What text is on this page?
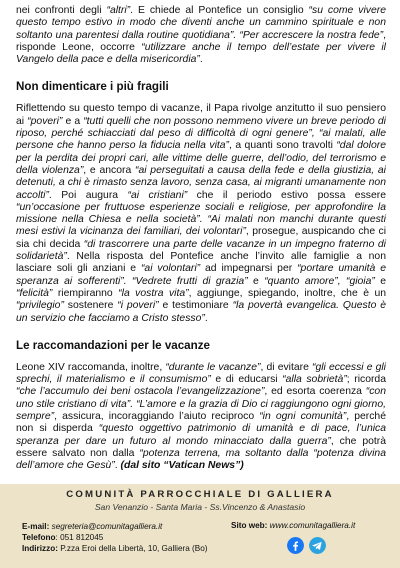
nei confronti degli “altri”. E chiede al Pontefice un consiglio “su come vivere questo tempo estivo in modo che diventi anche un cammino spirituale e non soltanto una parentesi dalla routine quotidiana”. “Per accrescere la nostra fede”, risponde Leone, occorre “utilizzare anche il tempo dell’estate per vivere il Vangelo della pace e della misericordia”.

Non dimenticare i più fragili

Riflettendo su questo tempo di vacanze, il Papa rivolge anzitutto il suo pensiero ai “poveri” e a “tutti quelli che non possono nemmeno vivere un breve periodo di riposo, perché schiacciati dal peso di difficoltà di ogni genere”, “ai malati, alle persone che hanno perso la fiducia nella vita”, a quanti sono travolti “dal dolore per la perdita dei propri cari, alle vittime delle guerre, dell’odio, del terrorismo e della violenza”, e ancora “ai perseguitati a causa della fede e della giustizia, ai detenuti, a chi è rimasto senza lavoro, senza casa, ai migranti umanamente non accolti”. Poi augura “ai cristiani” che il periodo estivo possa essere “un’occasione per fruttuose esperienze sociali e religiose, per approfondire la missione nella Chiesa e nella società”. “Ai malati non manchi durante questi mesi estivi la vicinanza dei familiari, dei volontari”, prosegue, auspicando che ci sia chi decida “di trascorrere una parte delle vacanze in un impegno fraterno di solidarietà”. Nella risposta del Pontefice anche l’invito alle famiglie a non lasciare soli gli anziani e “ai volontari” ad impegnarsi per “portare umanità e speranza ai sofferenti”. “Vedrete frutti di grazia” e “quanto amore”, “gioia” e “felicità” riempiranno “la vostra vita”, aggiunge, spiegando, inoltre, che è un “privilegio” sostenere “i poveri” e testimoniare “la povertà evangelica. Questo è un servizio che facciamo a Cristo stesso”.

Le raccomandazioni per le vacanze

Leone XIV raccomanda, inoltre, “durante le vacanze”, di evitare “gli eccessi e gli sprechi, il materialismo e il consumismo” e di educarsi “alla sobrietà”; ricorda “che l’accumulo dei beni ostacola l’evangelizzazione”, ed esorta coerenza “con uno stile cristiano di vita”. “L’amore e la grazia di Dio ci raggiungono ogni giorno, sempre”, assicura, incoraggiando l’aiuto reciproco “in ogni comunità”, perché non si disperda “questo oggettivo patrimonio di umanità e di pace, l’unica speranza per dare un futuro al mondo minacciato dalla guerra”, che potrà essere salvato non dalla “potenza terrena, ma soltanto dalla “potenza divina dell’amore che Gesù”. (dal sito “Vatican News”)

COMUNITÀ PARROCCHIALE DI GALLIERA
San Venanzio - Santa Maria - Ss.Vincenzo & Anastasio
E-mail: segreteria@comunitagalliera.it
Telefono: 051 812045
Indirizzo: P.zza Eroi della Libertà, 10, Galliera (Bo)
Sito web: www.comunitagalliera.it
